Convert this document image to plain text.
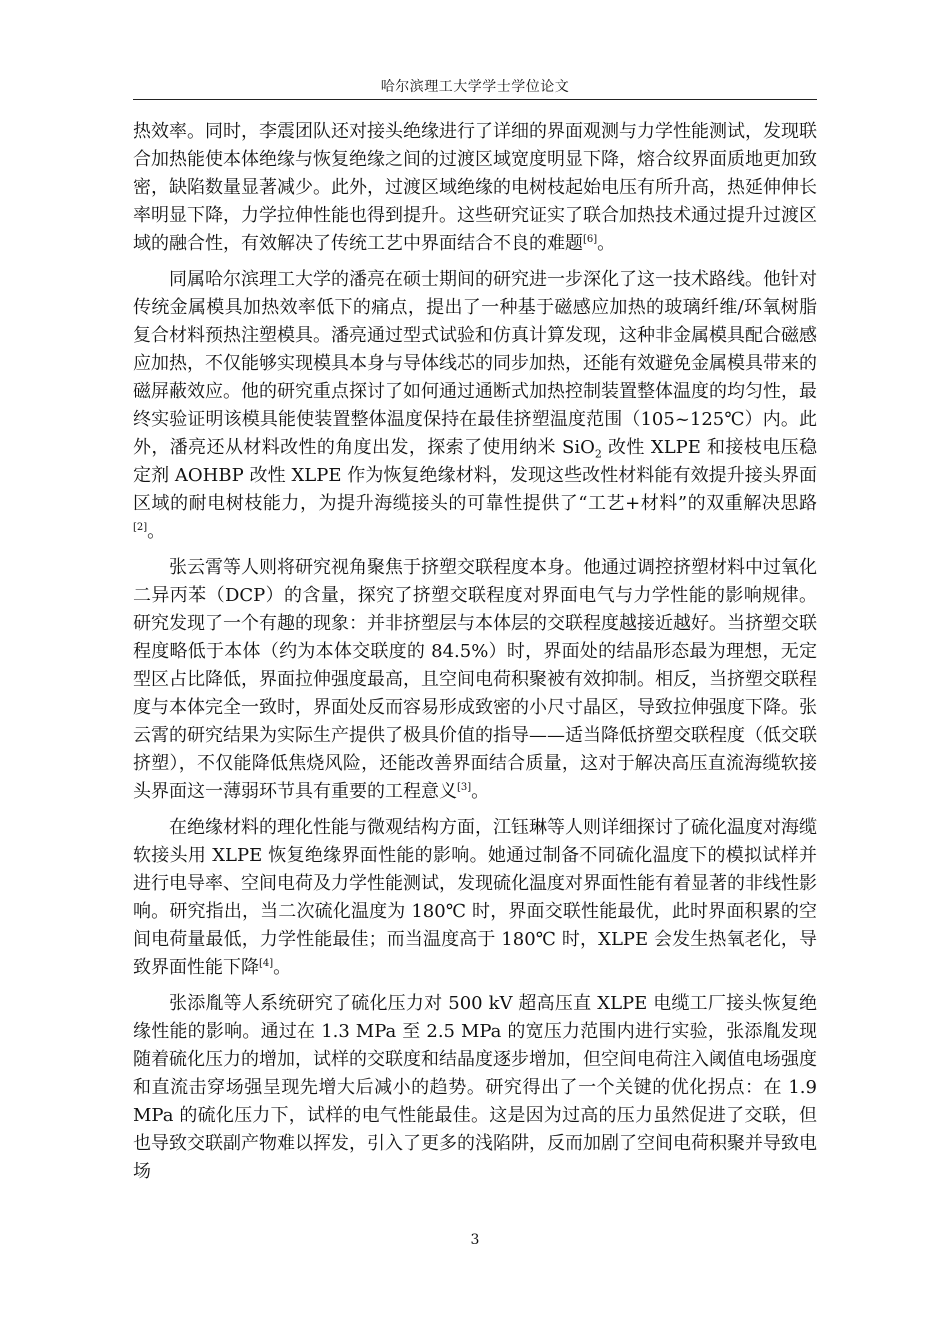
哈尔滨理工大学学士学位论文

热效率。同时，李震团队还对接头绝缘进行了详细的界面观测与力学性能测试，发现联合加热能使本体绝缘与恢复绝缘之间的过渡区域宽度明显下降，熔合纹界面质地更加致密，缺陷数量显著减少。此外，过渡区域绝缘的电树枝起始电压有所升高，热延伸伸长率明显下降，力学拉伸性能也得到提升。这些研究证实了联合加热技术通过提升过渡区域的融合性，有效解决了传统工艺中界面结合不良的难题[6]。

同属哈尔滨理工大学的潘亮在硕士期间的研究进一步深化了这一技术路线。他针对传统金属模具加热效率低下的痛点，提出了一种基于磁感应加热的玻璃纤维/环氧树脂复合材料预热注塑模具。潘亮通过型式试验和仿真计算发现，这种非金属模具配合磁感应加热，不仅能够实现模具本身与导体线芯的同步加热，还能有效避免金属模具带来的磁屏蔽效应。他的研究重点探讨了如何通过通断式加热控制装置整体温度的均匀性，最终实验证明该模具能使装置整体温度保持在最佳挤塑温度范围（105~125℃）内。此外，潘亮还从材料改性的角度出发，探索了使用纳米 SiO$_2$ 改性 XLPE 和接枝电压稳定剂 AOHBP 改性 XLPE 作为恢复绝缘材料，发现这些改性材料能有效提升接头界面区域的耐电树枝能力，为提升海缆接头的可靠性提供了“工艺+材料”的双重解决思路[2]。

张云霄等人则将研究视角聚焦于挤塑交联程度本身。他通过调控挤塑材料中过氧化二异丙苯（DCP）的含量，探究了挤塑交联程度对界面电气与力学性能的影响规律。研究发现了一个有趣的现象：并非挤塑层与本体层的交联程度越接近越好。当挤塑交联程度略低于本体（约为本体交联度的 84.5%）时，界面处的结晶形态最为理想，无定型区占比降低，界面拉伸强度最高，且空间电荷积聚被有效抑制。相反，当挤塑交联程度与本体完全一致时，界面处反而容易形成致密的小尺寸晶区，导致拉伸强度下降。张云霄的研究结果为实际生产提供了极具价值的指导——适当降低挤塑交联程度（低交联挤塑），不仅能降低焦烧风险，还能改善界面结合质量，这对于解决高压直流海缆软接头界面这一薄弱环节具有重要的工程意义[3]。

在绝缘材料的理化性能与微观结构方面，江钰琳等人则详细探讨了硫化温度对海缆软接头用 XLPE 恢复绝缘界面性能的影响。她通过制备不同硫化温度下的模拟试样并进行电导率、空间电荷及力学性能测试，发现硫化温度对界面性能有着显著的非线性影响。研究指出，当二次硫化温度为 180℃ 时，界面交联性能最优，此时界面积累的空间电荷量最低，力学性能最佳；而当温度高于 180℃ 时，XLPE 会发生热氧老化，导致界面性能下降[4]。

张添胤等人系统研究了硫化压力对 500 kV 超高压直 XLPE 电缆工厂接头恢复绝缘性能的影响。通过在 1.3 MPa 至 2.5 MPa 的宽压力范围内进行实验，张添胤发现随着硫化压力的增加，试样的交联度和结晶度逐步增加，但空间电荷注入阈值电场强度和直流击穿场强呈现先增大后减小的趋势。研究得出了一个关键的优化拐点：在 1.9 MPa 的硫化压力下，试样的电气性能最佳。这是因为过高的压力虽然促进了交联，但也导致交联副产物难以挥发，引入了更多的浅陷阱，反而加剧了空间电荷积聚并导致电场

3
